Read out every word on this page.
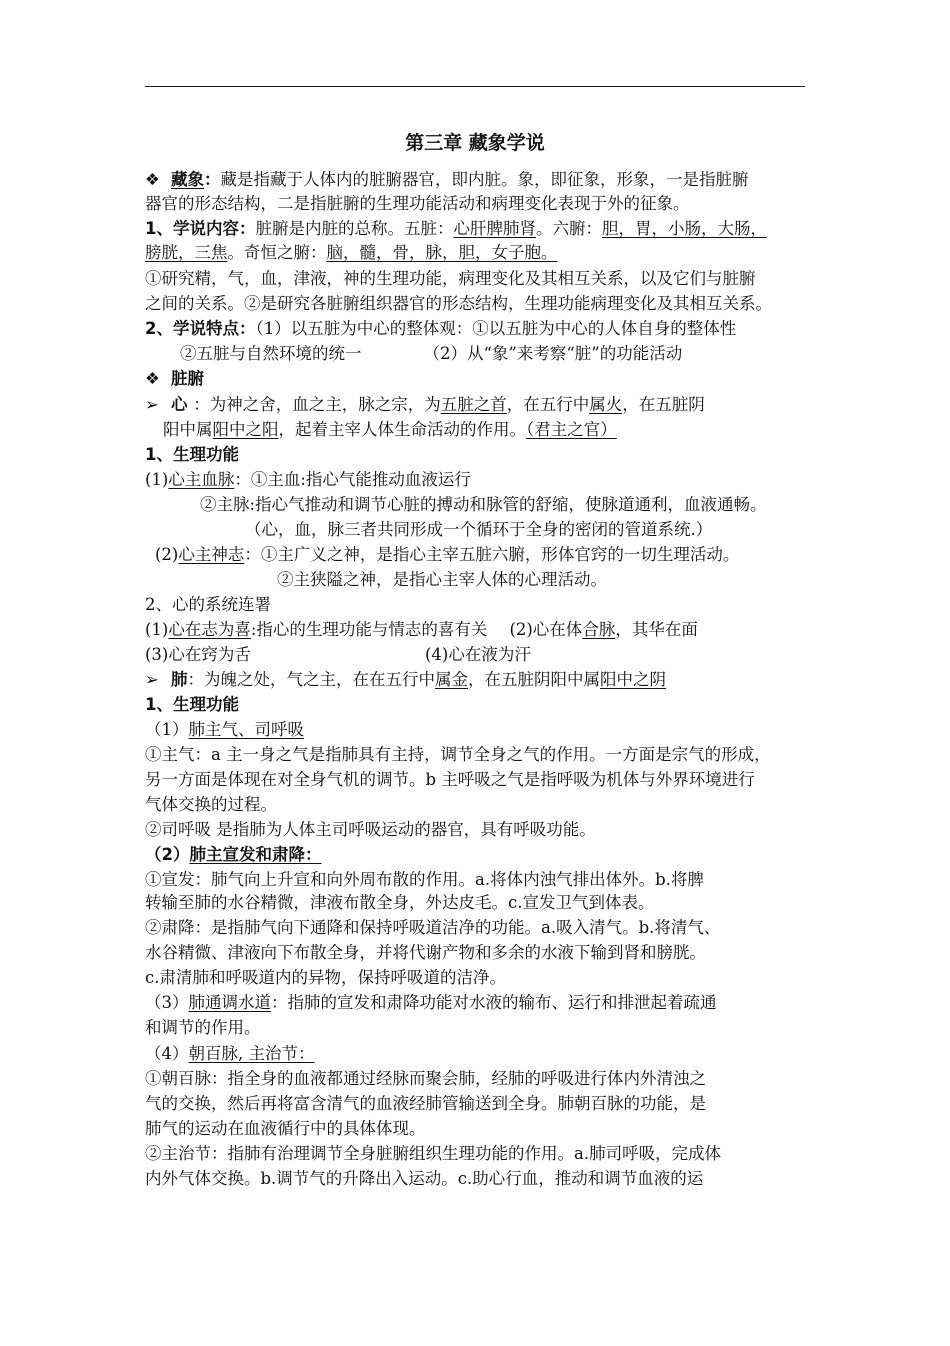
第三章 藏象学说
❖ 藏象：藏是指藏于人体内的脏腑器官，即内脏。象，即征象，形象，一是指脏腑
器官的形态结构，二是指脏腑的生理功能活动和病理变化表现于外的征象。
1、学说内容：脏腑是内脏的总称。五脏：心肝脾肺肾。六腑：胆，胃，小肠，大肠，
膀胱，三焦。奇恒之腑：脑，髓，骨，脉，胆，女子胞。
①研究精，气，血，津液，神的生理功能，病理变化及其相互关系，以及它们与脏腑
之间的关系。②是研究各脏腑组织器官的形态结构，生理功能病理变化及其相互关系。
2、学说特点：（1）以五脏为中心的整体观：①以五脏为中心的人体自身的整体性
②五脏与自然环境的统一	（2）从“象”来考察“脏”的功能活动
❖ 脏腑
➢ 心 ：为神之舍，血之主，脉之宗，为五脏之首，在五行中属火，在五脏阴
阳中属阳中之阳，起着主宰人体生命活动的作用。（君主之官）
1、生理功能
(1)心主血脉：①主血:指心气能推动血液运行
②主脉:指心气推动和调节心脏的搏动和脉管的舒缩，使脉道通利，血液通畅。
（心，血，脉三者共同形成一个循环于全身的密闭的管道系统.）
(2)心主神志：①主广义之神，是指心主宰五脏六腑，形体官窍的一切生理活动。
②主狭隘之神，是指心主宰人体的心理活动。
2、心的系统连署
(1)心在志为喜:指心的生理功能与情志的喜有关 (2)心在体合脉，其华在面
(3)心在窍为舌	(4)心在液为汗
➢ 肺：为魄之处，气之主，在在五行中属金，在五脏阴阳中属阳中之阴
1、生理功能
（1）肺主气、司呼吸
①主气：a 主一身之气是指肺具有主持，调节全身之气的作用。一方面是宗气的形成，
另一方面是体现在对全身气机的调节。b 主呼吸之气是指呼吸为机体与外界环境进行
气体交换的过程。
②司呼吸 是指肺为人体主司呼吸运动的器官，具有呼吸功能。
（2）肺主宣发和肃降：
①宣发：肺气向上升宣和向外周布散的作用。a.将体内浊气排出体外。b.将脾
转输至肺的水谷精微，津液布散全身，外达皮毛。c.宣发卫气到体表。
②肃降：是指肺气向下通降和保持呼吸道洁净的功能。a.吸入清气。b.将清气、
水谷精微、津液向下布散全身，并将代谢产物和多余的水液下输到肾和膀胱。
c.肃清肺和呼吸道内的异物，保持呼吸道的洁净。
（3）肺通调水道：指肺的宣发和肃降功能对水液的输布、运行和排泄起着疏通
和调节的作用。
（4）朝百脉, 主治节：
①朝百脉：指全身的血液都通过经脉而聚会肺，经肺的呼吸进行体内外清浊之
气的交换，然后再将富含清气的血液经肺管输送到全身。肺朝百脉的功能，是
肺气的运动在血液循行中的具体体现。
②主治节：指肺有治理调节全身脏腑组织生理功能的作用。a.肺司呼吸，完成体
内外气体交换。b.调节气的升降出入运动。c.助心行血，推动和调节血液的运
